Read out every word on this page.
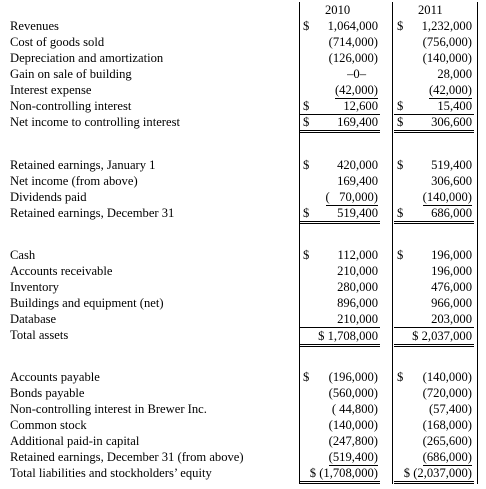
2010	2011
Revenues	$ 1,064,000 $ 1,232,000
Cost of goods sold	(714,000)	(756,000)
Depreciation and amortization	(126,000)	(140,000)
Gain on sale of building	–0–	28,000
Interest expense	(42,000)	(42,000)
Non-controlling interest	$	12,600 $	15,400
Net income to controlling interest	$ 169,400 $ 306,600
Retained earnings, January 1	$ 420,000 $ 519,400
Net income (from above)	169,400	306,600
Dividends paid	(   70,000)	(140,000)
Retained earnings, December 31	$ 519,400 $ 686,000
Cash	$ 112,000 $ 196,000
Accounts receivable	210,000	196,000
Inventory	280,000	476,000
Buildings and equipment (net)	896,000	966,000
Database	210,000	203,000
Total assets	$ 1,708,000	$ 2,037,000
Accounts payable	$ (196,000) $ (140,000)
Bonds payable	(560,000)	(720,000)
Non-controlling interest in Brewer Inc.	( 44,800)	(57,400)
Common stock	(140,000)	(168,000)
Additional paid-in capital	(247,800)	(265,600)
Retained earnings, December 31 (from above)	(519,400)	(686,000)
Total liabilities and stockholders’ equity	$ (1,708,000) $ (2,037,000)
